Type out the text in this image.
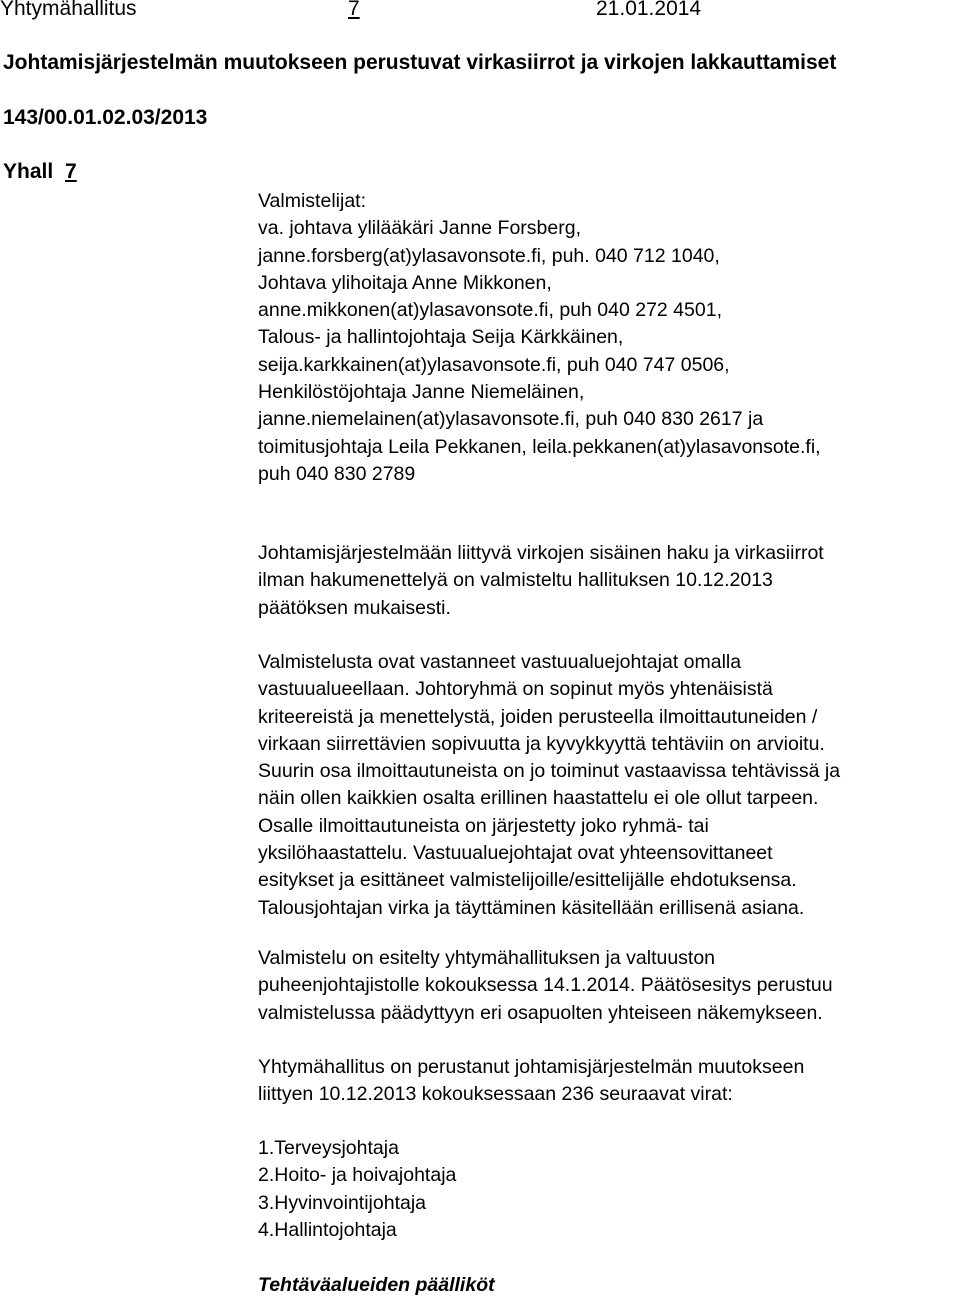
Yhtymähallitus	7	21.01.2014
Johtamisjärjestelmän muutokseen perustuvat virkasiirrot ja virkojen lakkauttamiset
143/00.01.02.03/2013
Yhall 7
Valmistelijat:
va. johtava ylilääkäri Janne Forsberg,
janne.forsberg(at)ylasavonsote.fi, puh. 040 712 1040,
Johtava ylihoitaja Anne Mikkonen,
anne.mikkonen(at)ylasavonsote.fi, puh 040 272 4501,
Talous- ja hallintojohtaja Seija Kärkkäinen,
seija.karkkainen(at)ylasavonsote.fi, puh 040 747 0506,
Henkilöstöjohtaja Janne Niemeläinen,
janne.niemelainen(at)ylasavonsote.fi, puh 040 830 2617 ja
toimitusjohtaja Leila Pekkanen, leila.pekkanen(at)ylasavonsote.fi,
puh 040 830 2789
Johtamisjärjestelmään liittyvä virkojen sisäinen haku ja virkasiirrot
ilman hakumenettelyä on valmisteltu hallituksen 10.12.2013
päätöksen mukaisesti.
Valmistelusta ovat vastanneet vastuualuejohtajat omalla
vastuualueellaan. Johtoryhmä on sopinut myös yhtenäisistä
kriteereistä ja menettelystä, joiden perusteella ilmoittautuneiden /
virkaan siirrettävien sopivuutta ja kyvykkyyttä tehtäviin on arvioitu.
Suurin osa ilmoittautuneista on jo toiminut vastaavissa tehtävissä ja
näin ollen kaikkien osalta erillinen haastattelu ei ole ollut tarpeen.
Osalle ilmoittautuneista on järjestetty joko ryhmä- tai
yksilöhaastattelu. Vastuualuejohtajat ovat yhteensovittaneet
esitykset ja esittäneet valmistelijoille/esittelijälle ehdotuksensa.
Talousjohtajan virka ja täyttäminen käsitellään erillisenä asiana.
Valmistelu on esitelty yhtymähallituksen ja valtuuston
puheenjohtajistolle kokouksessa 14.1.2014. Päätösesitys perustuu
valmistelussa päädyttyyn eri osapuolten yhteiseen näkemykseen.
Yhtymähallitus on perustanut johtamisjärjestelmän muutokseen
liittyen 10.12.2013 kokouksessaan 236 seuraavat virat:
1.Terveysjohtaja
2.Hoito- ja hoivajohtaja
3.Hyvinvointijohtaja
4.Hallintojohtaja
Tehtäväalueiden päälliköt
